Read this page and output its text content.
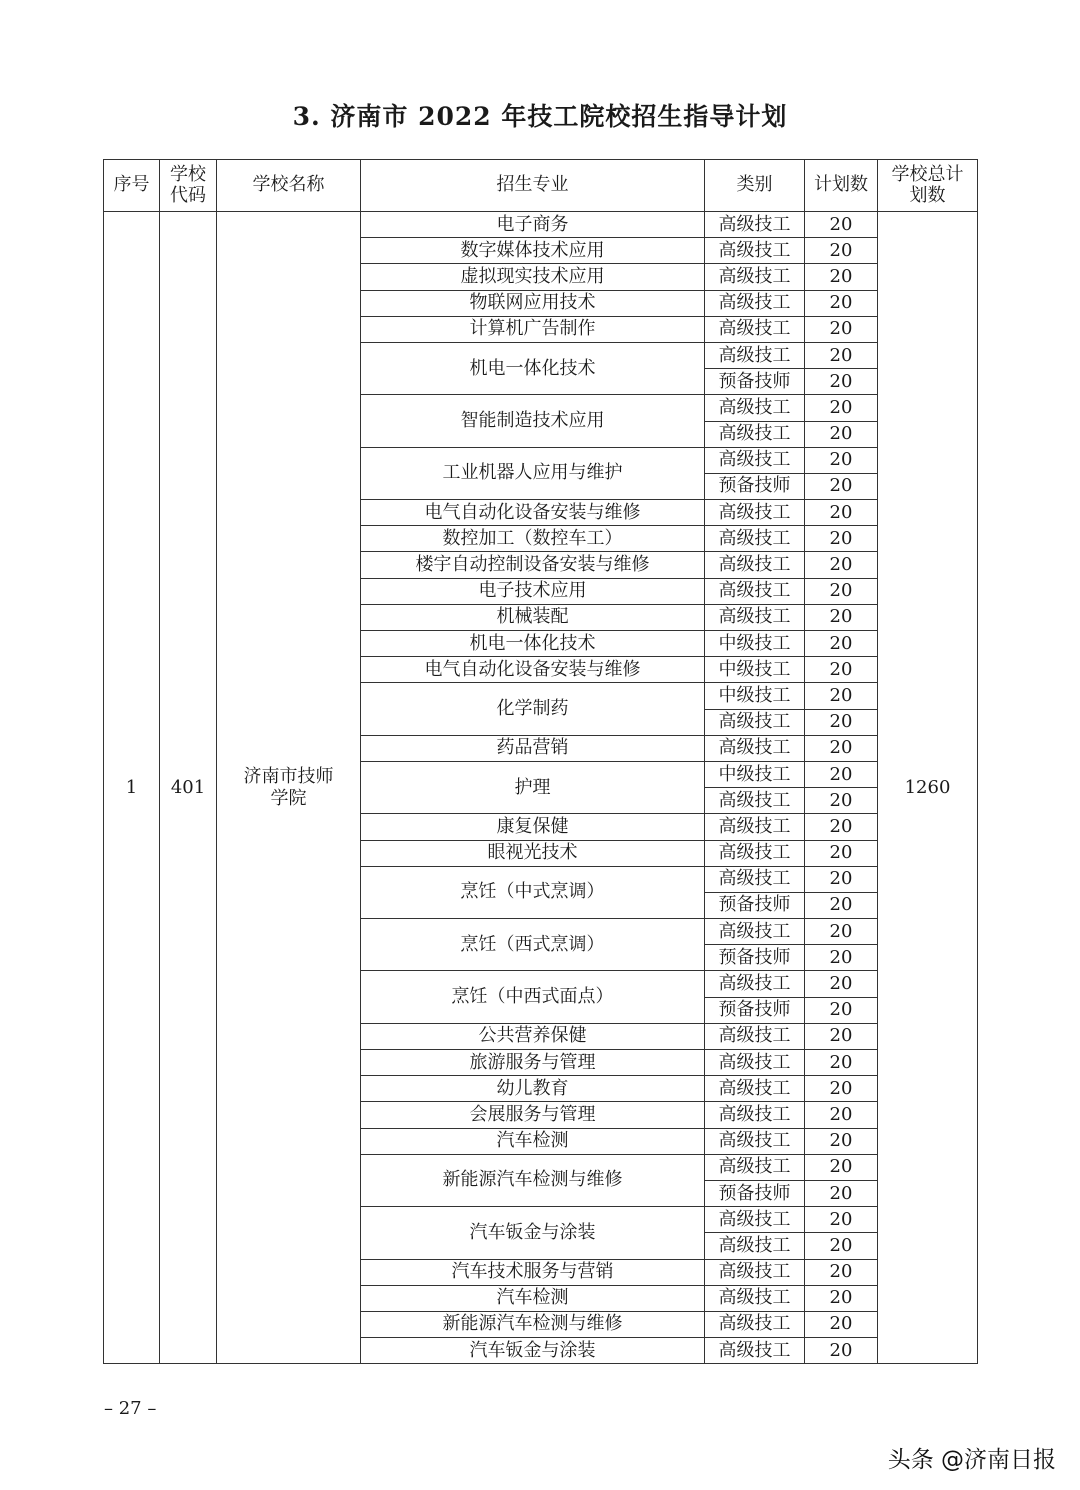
3. 济南市 2022 年技工院校招生指导计划
序号	学校代码	学校名称	招生专业	类别	计划数	学校总计划数
1	401	济南市技师学院	电子商务	高级技工	20	1260
			数字媒体技术应用	高级技工	20	
			虚拟现实技术应用	高级技工	20	
			物联网应用技术	高级技工	20	
			计算机广告制作	高级技工	20	
			机电一体化技术	高级技工	20	
				预备技师	20	
			智能制造技术应用	高级技工	20	
				高级技工	20	
			工业机器人应用与维护	高级技工	20	
				预备技师	20	
			电气自动化设备安装与维修	高级技工	20	
			数控加工（数控车工）	高级技工	20	
			楼宇自动控制设备安装与维修	高级技工	20	
			电子技术应用	高级技工	20	
			机械装配	高级技工	20	
			机电一体化技术	中级技工	20	
			电气自动化设备安装与维修	中级技工	20	
			化学制药	中级技工	20	
				高级技工	20	
			药品营销	高级技工	20	
			护理	中级技工	20	
				高级技工	20	
			康复保健	高级技工	20	
			眼视光技术	高级技工	20	
			烹饪（中式烹调）	高级技工	20	
				预备技师	20	
			烹饪（西式烹调）	高级技工	20	
				预备技师	20	
			烹饪（中西式面点）	高级技工	20	
				预备技师	20	
			公共营养保健	高级技工	20	
			旅游服务与管理	高级技工	20	
			幼儿教育	高级技工	20	
			会展服务与管理	高级技工	20	
			汽车检测	高级技工	20	
			新能源汽车检测与维修	高级技工	20	
				预备技师	20	
			汽车钣金与涂装	高级技工	20	
				高级技工	20	
			汽车技术服务与营销	高级技工	20	
			汽车检测	高级技工	20	
			新能源汽车检测与维修	高级技工	20	
			汽车钣金与涂装	高级技工	20	
– 27 –
头条 @济南日报
